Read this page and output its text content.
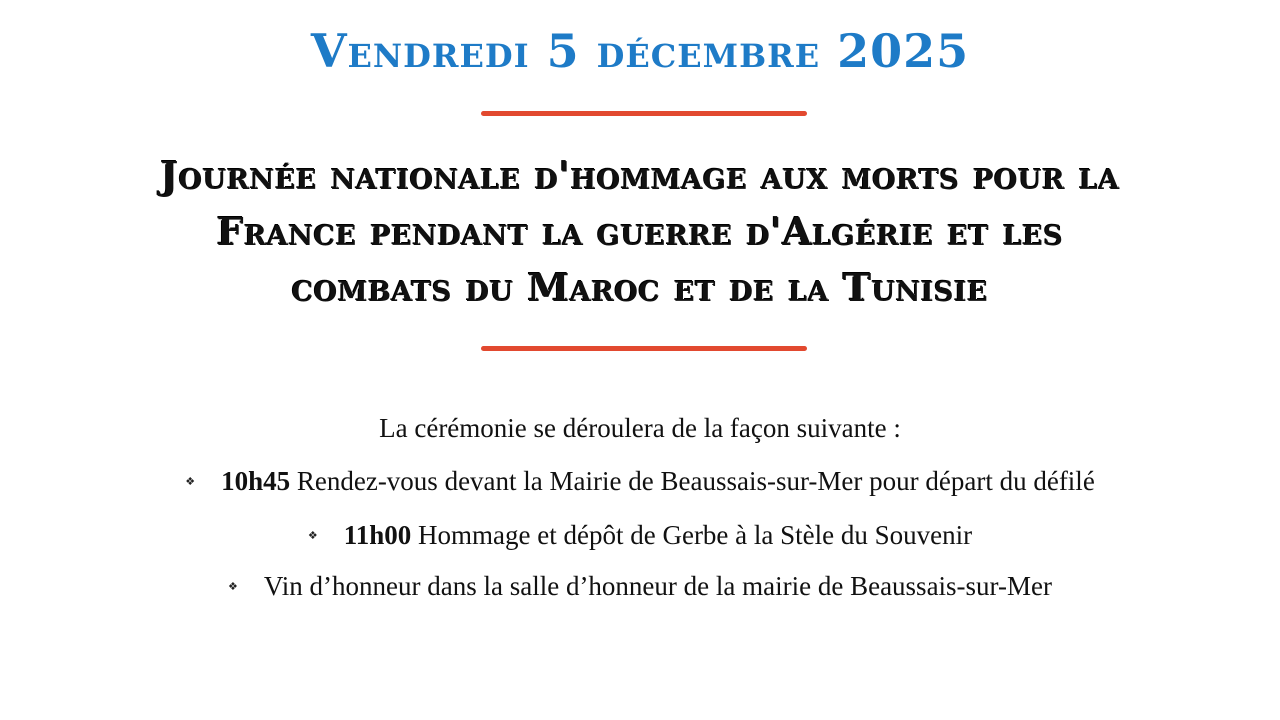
Vendredi 5 décembre 2025
Journée nationale d'hommage aux morts pour la
France pendant la guerre d'Algérie et les
combats du Maroc et de la Tunisie
La cérémonie se déroulera de la façon suivante :
❖ 10h45 Rendez-vous devant la Mairie de Beaussais-sur-Mer pour départ du défilé
❖ 11h00 Hommage et dépôt de Gerbe à la Stèle du Souvenir
❖ Vin d’honneur dans la salle d’honneur de la mairie de Beaussais-sur-Mer
